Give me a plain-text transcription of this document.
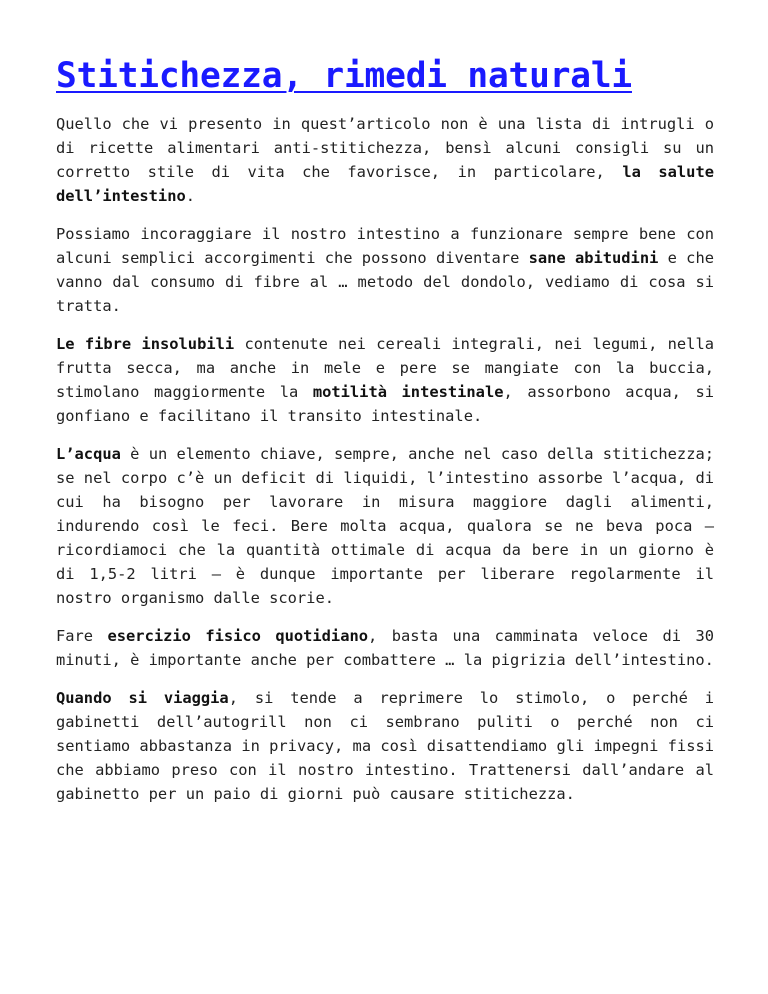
Stitichezza, rimedi naturali

Quello che vi presento in quest’articolo non è una lista di intrugli o di ricette alimentari anti-stitichezza, bensì alcuni consigli su un corretto stile di vita che favorisce, in particolare, la salute dell’intestino.

Possiamo incoraggiare il nostro intestino a funzionare sempre bene con alcuni semplici accorgimenti che possono diventare sane abitudini e che vanno dal consumo di fibre al … metodo del dondolo, vediamo di cosa si tratta.

Le fibre insolubili contenute nei cereali integrali, nei legumi, nella frutta secca, ma anche in mele e pere se mangiate con la buccia, stimolano maggiormente la motilità intestinale, assorbono acqua, si gonfiano e facilitano il transito intestinale.

L’acqua è un elemento chiave, sempre, anche nel caso della stitichezza; se nel corpo c’è un deficit di liquidi, l’intestino assorbe l’acqua, di cui ha bisogno per lavorare in misura maggiore dagli alimenti, indurendo così le feci. Bere molta acqua, qualora se ne beva poca – ricordiamoci che la quantità ottimale di acqua da bere in un giorno è di 1,5-2 litri – è dunque importante per liberare regolarmente il nostro organismo dalle scorie.

Fare esercizio fisico quotidiano, basta una camminata veloce di 30 minuti, è importante anche per combattere … la pigrizia dell’intestino.

Quando si viaggia, si tende a reprimere lo stimolo, o perché i gabinetti dell’autogrill non ci sembrano puliti o perché non ci sentiamo abbastanza in privacy, ma così disattendiamo gli impegni fissi che abbiamo preso con il nostro intestino. Trattenersi dall’andare al gabinetto per un paio di giorni può causare stitichezza.
